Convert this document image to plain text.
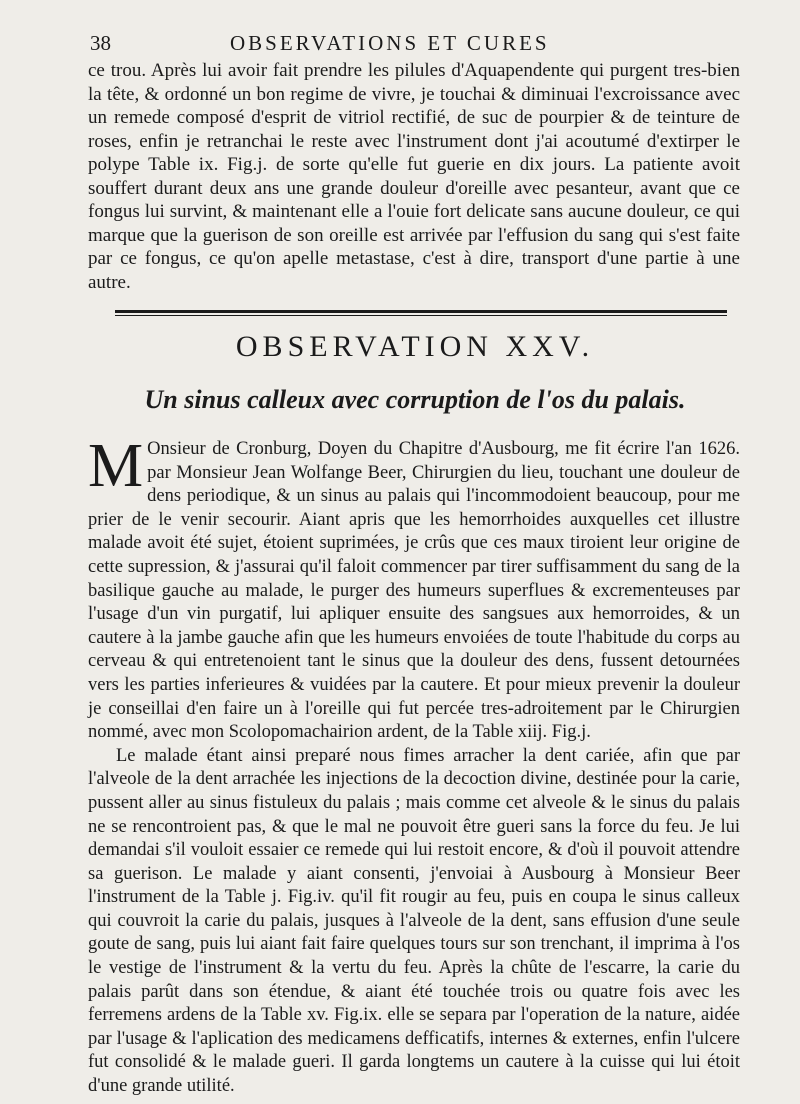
38	OBSERVATIONS ET CURES

ce trou. Après lui avoir fait prendre les pilules d'Aquapendente qui purgent tres-bien la tête, & ordonné un bon regime de vivre, je touchai & diminuai l'excroissance avec un remede composé d'esprit de vitriol rectifié, de suc de pourpier & de teinture de roses, enfin je retranchai le reste avec l'instrument dont j'ai acoutumé d'extirper le polype Table ix. Fig.j. de sorte qu'elle fut guerie en dix jours. La patiente avoit souffert durant deux ans une grande douleur d'oreille avec pesanteur, avant que ce fongus lui survint, & maintenant elle a l'ouie fort delicate sans aucune douleur, ce qui marque que la guerison de son oreille est arrivée par l'effusion du sang qui s'est faite par ce fongus, ce qu'on apelle metastase, c'est à dire, transport d'une partie à une autre.

OBSERVATION XXV.
Un sinus calleux avec corruption de l'os du palais.

M Onsieur de Cronburg, Doyen du Chapitre d'Ausbourg, me fit écrire l'an 1626. par Monsieur Jean Wolfange Beer, Chirurgien du lieu, touchant une douleur de dens periodique, & un sinus au palais qui l'incommodoient beaucoup, pour me prier de le venir secourir. Aiant apris que les hemorrhoides auxquelles cet illustre malade avoit été sujet, étoient suprimées, je crûs que ces maux tiroient leur origine de cette supression, & j'assurai qu'il faloit commencer par tirer suffisamment du sang de la basilique gauche au malade, le purger des humeurs superflues & excrementeuses par l'usage d'un vin purgatif, lui apliquer ensuite des sangsues aux hemorroides, & un cautere à la jambe gauche afin que les humeurs envoiées de toute l'habitude du corps au cerveau & qui entretenoient tant le sinus que la douleur des dens, fussent detournées vers les parties inferieures & vuidées par la cautere. Et pour mieux prevenir la douleur je conseillai d'en faire un à l'oreille qui fut percée tres-adroitement par le Chirurgien nommé, avec mon Scolopomachairion ardent, de la Table xiij. Fig.j.

Le malade étant ainsi preparé nous fimes arracher la dent cariée, afin que par l'alveole de la dent arrachée les injections de la decoction divine, destinée pour la carie, pussent aller au sinus fistuleux du palais ; mais comme cet alveole & le sinus du palais ne se rencontroient pas, & que le mal ne pouvoit être gueri sans la force du feu. Je lui demandai s'il vouloit essaier ce remede qui lui restoit encore, & d'où il pouvoit attendre sa guerison. Le malade y aiant consenti, j'envoiai à Ausbourg à Monsieur Beer l'instrument de la Table j. Fig.iv. qu'il fit rougir au feu, puis en coupa le sinus calleux qui couvroit la carie du palais, jusques à l'alveole de la dent, sans effusion d'une seule goute de sang, puis lui aiant fait faire quelques tours sur son trenchant, il imprima à l'os le vestige de l'instrument & la vertu du feu. Après la chûte de l'escarre, la carie du palais parût dans son étendue, & aiant été touchée trois ou quatre fois avec les ferremens ardens de la Table xv. Fig.ix. elle se separa par l'operation de la nature, aidée par l'usage & l'aplication des medicamens defficatifs, internes & externes, enfin l'ulcere fut consolidé & le malade gueri. Il garda longtems un cautere à la cuisse qui lui étoit d'une grande utilité.
